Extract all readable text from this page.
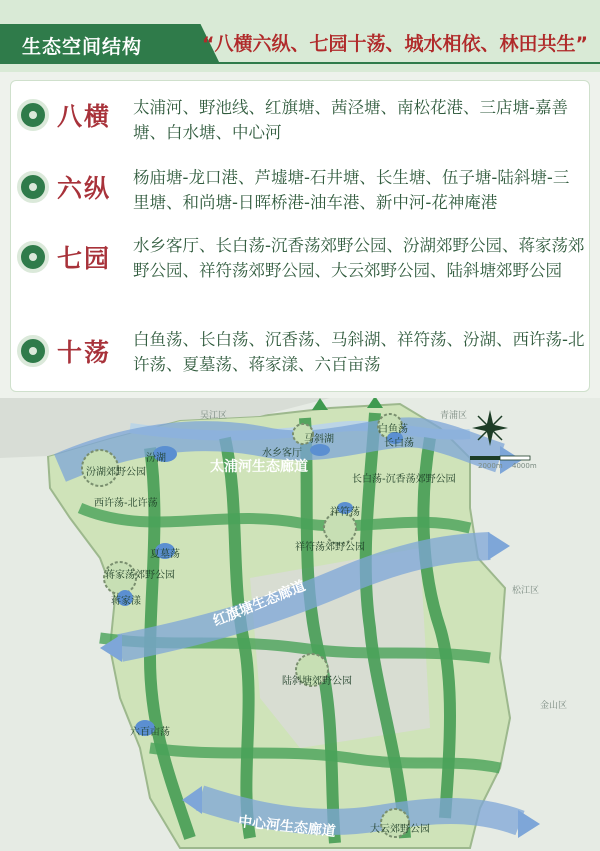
生态空间结构	“八横六纵、七园十荡、城水相依、林田共生”
八横 太浦河、野池线、红旗塘、茜泾塘、南松花港、三店塘-嘉善塘、白水塘、中心河
六纵 杨庙塘-龙口港、芦墟塘-石井塘、长生塘、伍子塘-陆斜塘-三里塘、和尚塘-日晖桥港-油车港、新中河-花神庵港
七园 水乡客厅、长白荡-沉香荡郊野公园、汾湖郊野公园、蒋家荡郊野公园、祥符荡郊野公园、大云郊野公园、陆斜塘郊野公园
十荡 白鱼荡、长白荡、沉香荡、马斜湖、祥符荡、汾湖、西许荡-北许荡、夏墓荡、蒋家漾、六百亩荡
太浦河生态廊道
红旗塘生态廊道
中心河生态廊道
汾湖郊野公园
水乡客厅
长白荡-沉香荡郊野公园
祥符荡郊野公园
蒋家荡郊野公园
陆斜塘郊野公园
大云郊野公园
汾湖
马斜湖
白鱼荡
西许荡-北许荡
夏墓荡
祥符荡
蒋家漾
长白荡
六百亩荡
吴江区	青浦区
松江区
金山区
2000m 4000m
